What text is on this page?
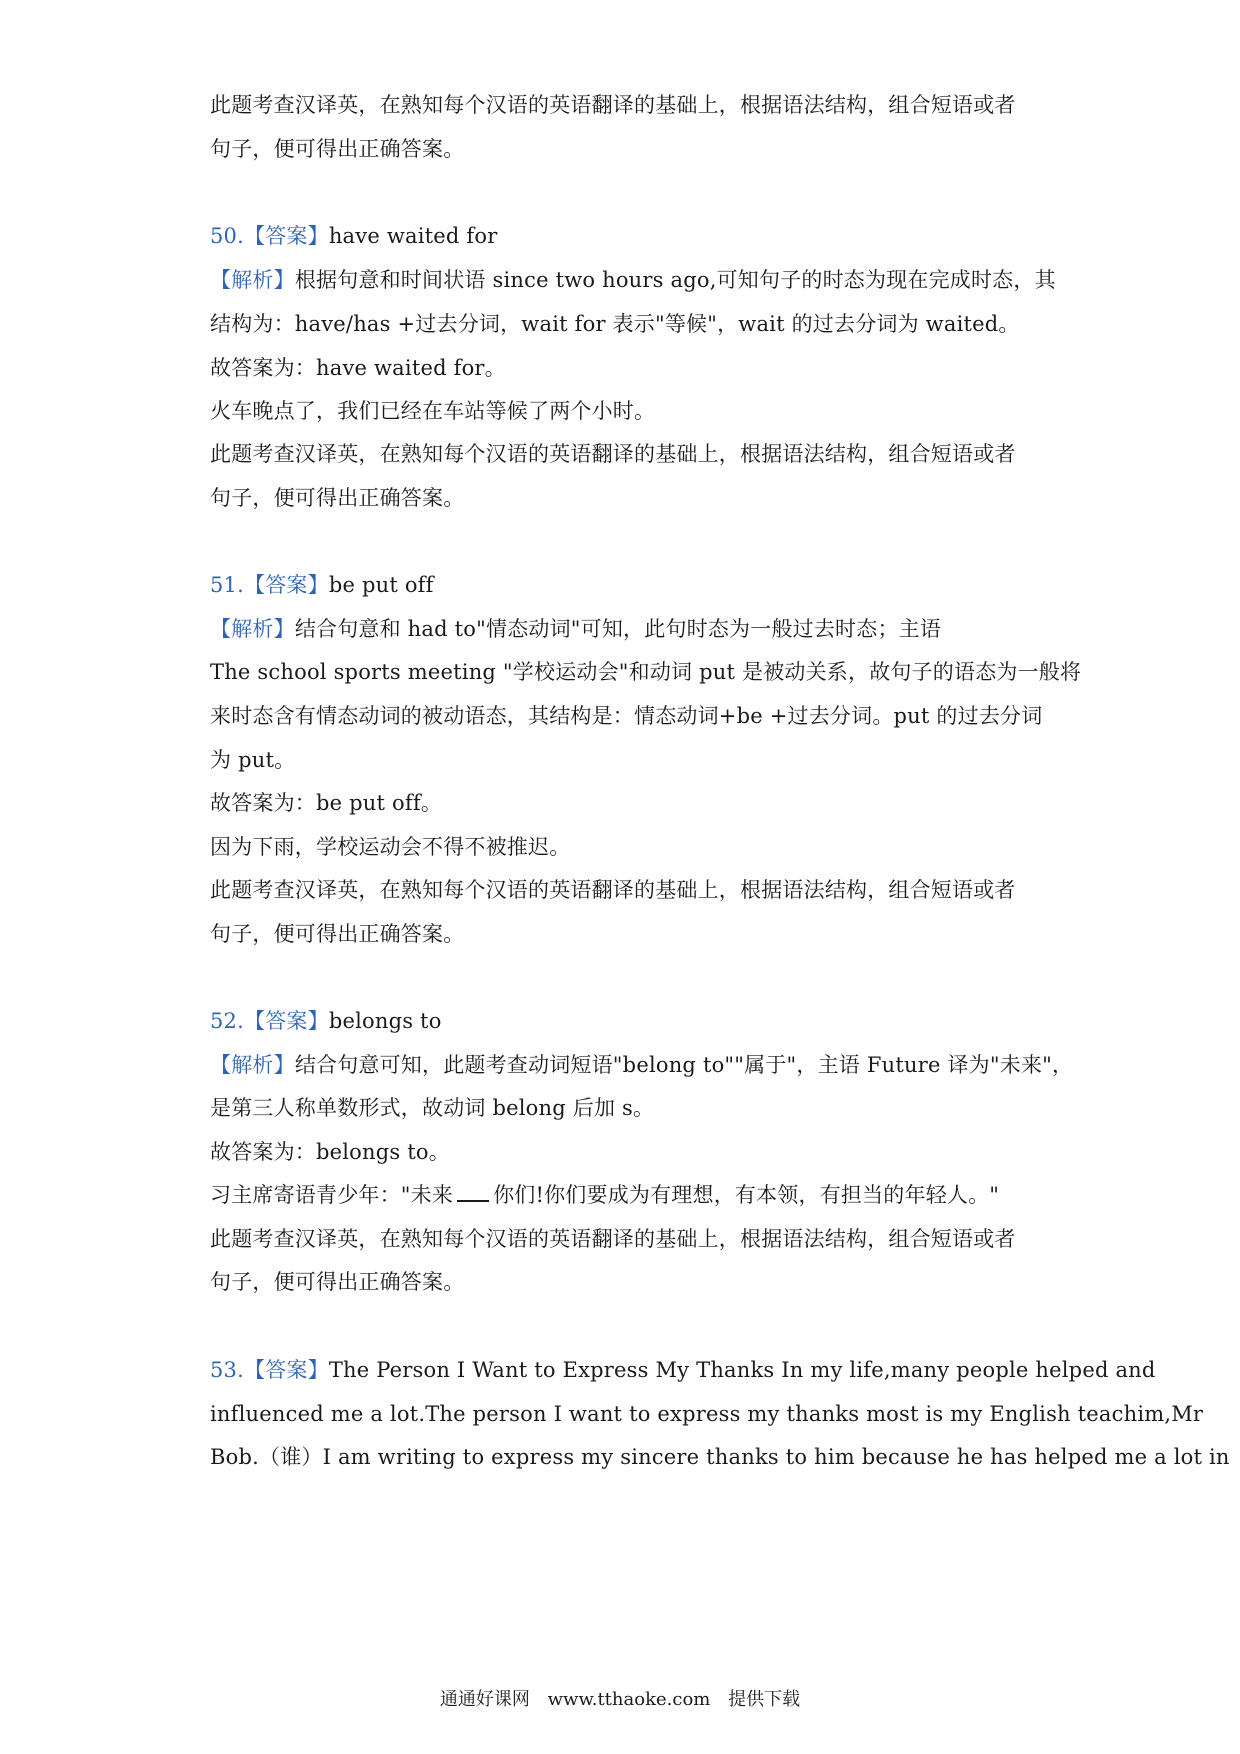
此题考查汉译英，在熟知每个汉语的英语翻译的基础上，根据语法结构，组合短语或者
句子，便可得出正确答案。
50.【答案】have waited for
【解析】根据句意和时间状语 since two hours ago,可知句子的时态为现在完成时态，其
结构为：have/has +过去分词，wait for 表示"等候"，wait 的过去分词为 waited。
故答案为：have waited for。
火车晚点了，我们已经在车站等候了两个小时。
此题考查汉译英，在熟知每个汉语的英语翻译的基础上，根据语法结构，组合短语或者
句子，便可得出正确答案。
51.【答案】be put off
【解析】结合句意和 had to"情态动词"可知，此句时态为一般过去时态；主语
The school sports meeting "学校运动会"和动词 put 是被动关系，故句子的语态为一般将
来时态含有情态动词的被动语态，其结构是：情态动词+be +过去分词。put 的过去分词
为 put。
故答案为：be put off。
因为下雨，学校运动会不得不被推迟。
此题考查汉译英，在熟知每个汉语的英语翻译的基础上，根据语法结构，组合短语或者
句子，便可得出正确答案。
52.【答案】belongs to
【解析】结合句意可知，此题考查动词短语"belong to""属于"，主语 Future 译为"未来"，
是第三人称单数形式，故动词 belong 后加 s。
故答案为：belongs to。
习主席寄语青少年："未来 你们!你们要成为有理想，有本领，有担当的年轻人。"
此题考查汉译英，在熟知每个汉语的英语翻译的基础上，根据语法结构，组合短语或者
句子，便可得出正确答案。
53.【答案】The Person I Want to Express My Thanks In my life,many people helped and
influenced me a lot.The person I want to express my thanks most is my English teachim,Mr
Bob.（谁）I am writing to express my sincere thanks to him because he has helped me a lot in
通通好课网 www.tthaoke.com 提供下载
